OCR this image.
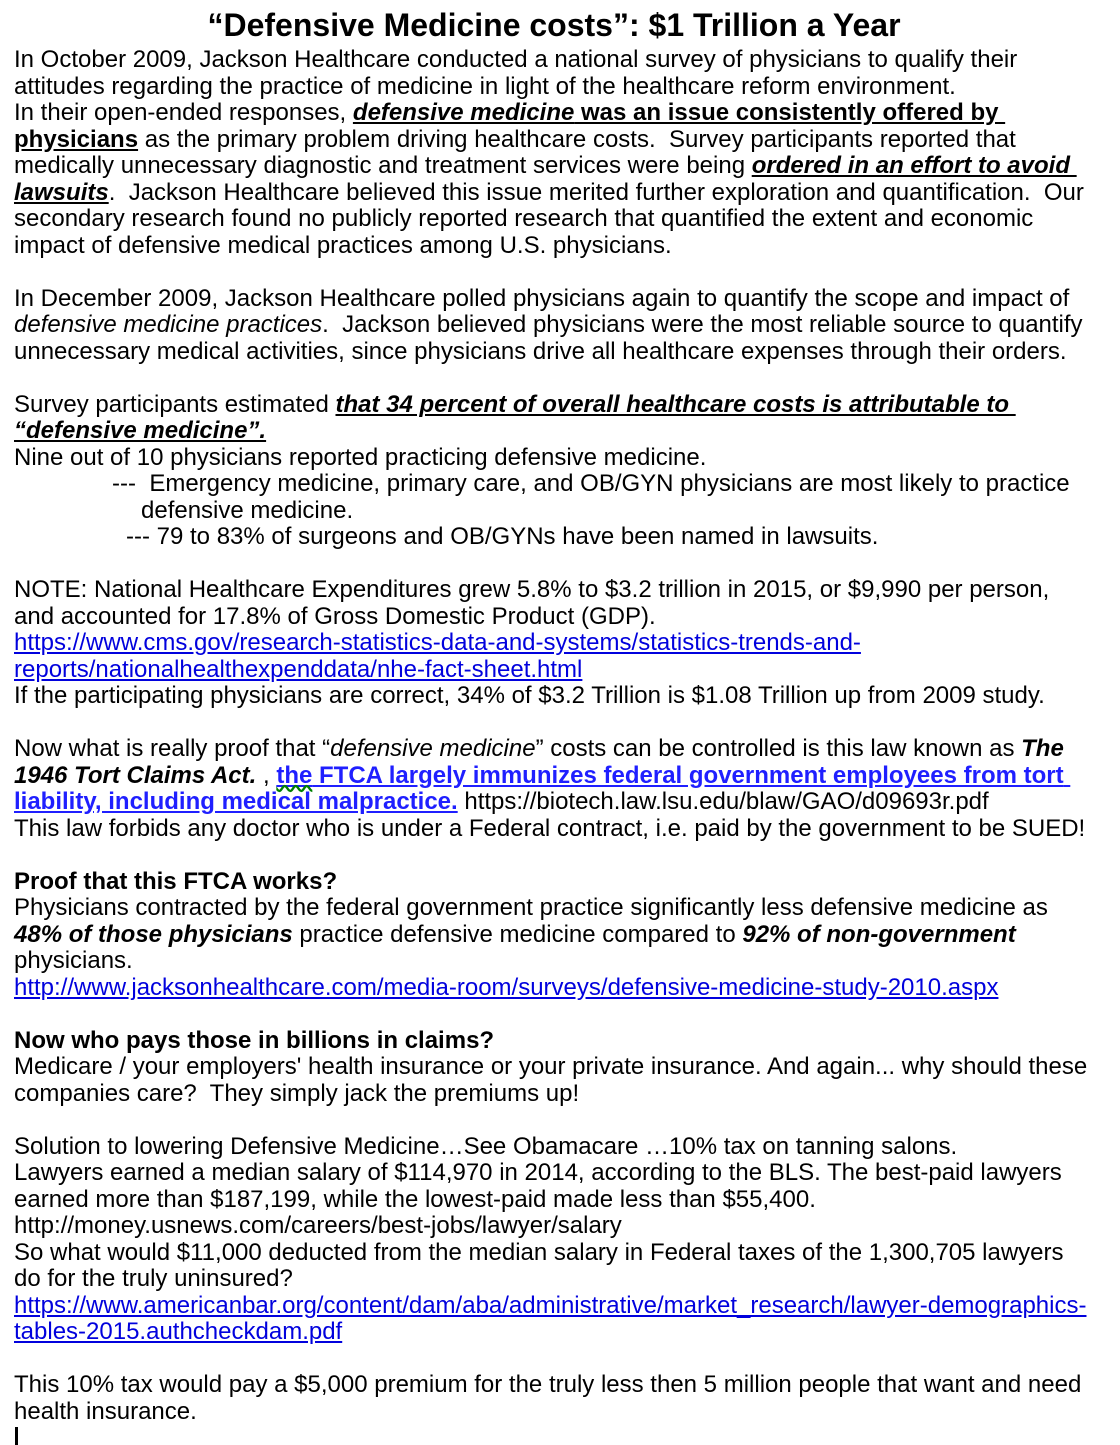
“Defensive Medicine costs”: $1 Trillion a Year
In October 2009, Jackson Healthcare conducted a national survey of physicians to qualify their attitudes regarding the practice of medicine in light of the healthcare reform environment.
In their open-ended responses, defensive medicine was an issue consistently offered by physicians as the primary problem driving healthcare costs.  Survey participants reported that medically unnecessary diagnostic and treatment services were being ordered in an effort to avoid lawsuits.  Jackson Healthcare believed this issue merited further exploration and quantification.  Our secondary research found no publicly reported research that quantified the extent and economic impact of defensive medical practices among U.S. physicians.
In December 2009, Jackson Healthcare polled physicians again to quantify the scope and impact of defensive medicine practices.  Jackson believed physicians were the most reliable source to quantify unnecessary medical activities, since physicians drive all healthcare expenses through their orders.
Survey participants estimated that 34 percent of overall healthcare costs is attributable to “defensive medicine”.
Nine out of 10 physicians reported practicing defensive medicine.
---  Emergency medicine, primary care, and OB/GYN physicians are most likely to practice defensive medicine.
--- 79 to 83% of surgeons and OB/GYNs have been named in lawsuits.
NOTE: National Healthcare Expenditures grew 5.8% to $3.2 trillion in 2015, or $9,990 per person, and accounted for 17.8% of Gross Domestic Product (GDP).
https://www.cms.gov/research-statistics-data-and-systems/statistics-trends-and-reports/nationalhealthexpenddata/nhe-fact-sheet.html
If the participating physicians are correct, 34% of $3.2 Trillion is $1.08 Trillion up from 2009 study.
Now what is really proof that “defensive medicine” costs can be controlled is this law known as The 1946 Tort Claims Act. , the FTCA largely immunizes federal government employees from tort liability, including medical malpractice. https://biotech.law.lsu.edu/blaw/GAO/d09693r.pdf
This law forbids any doctor who is under a Federal contract, i.e. paid by the government to be SUED!
Proof that this FTCA works?
Physicians contracted by the federal government practice significantly less defensive medicine as 48% of those physicians practice defensive medicine compared to 92% of non-government physicians.
http://www.jacksonhealthcare.com/media-room/surveys/defensive-medicine-study-2010.aspx
Now who pays those in billions in claims?
Medicare / your employers' health insurance or your private insurance. And again... why should these companies care?  They simply jack the premiums up!
Solution to lowering Defensive Medicine…See Obamacare …10% tax on tanning salons.
Lawyers earned a median salary of $114,970 in 2014, according to the BLS. The best-paid lawyers earned more than $187,199, while the lowest-paid made less than $55,400.
http://money.usnews.com/careers/best-jobs/lawyer/salary
So what would $11,000 deducted from the median salary in Federal taxes of the 1,300,705 lawyers do for the truly uninsured?
https://www.americanbar.org/content/dam/aba/administrative/market_research/lawyer-demographics-tables-2015.authcheckdam.pdf
This 10% tax would pay a $5,000 premium for the truly less then 5 million people that want and need health insurance.
